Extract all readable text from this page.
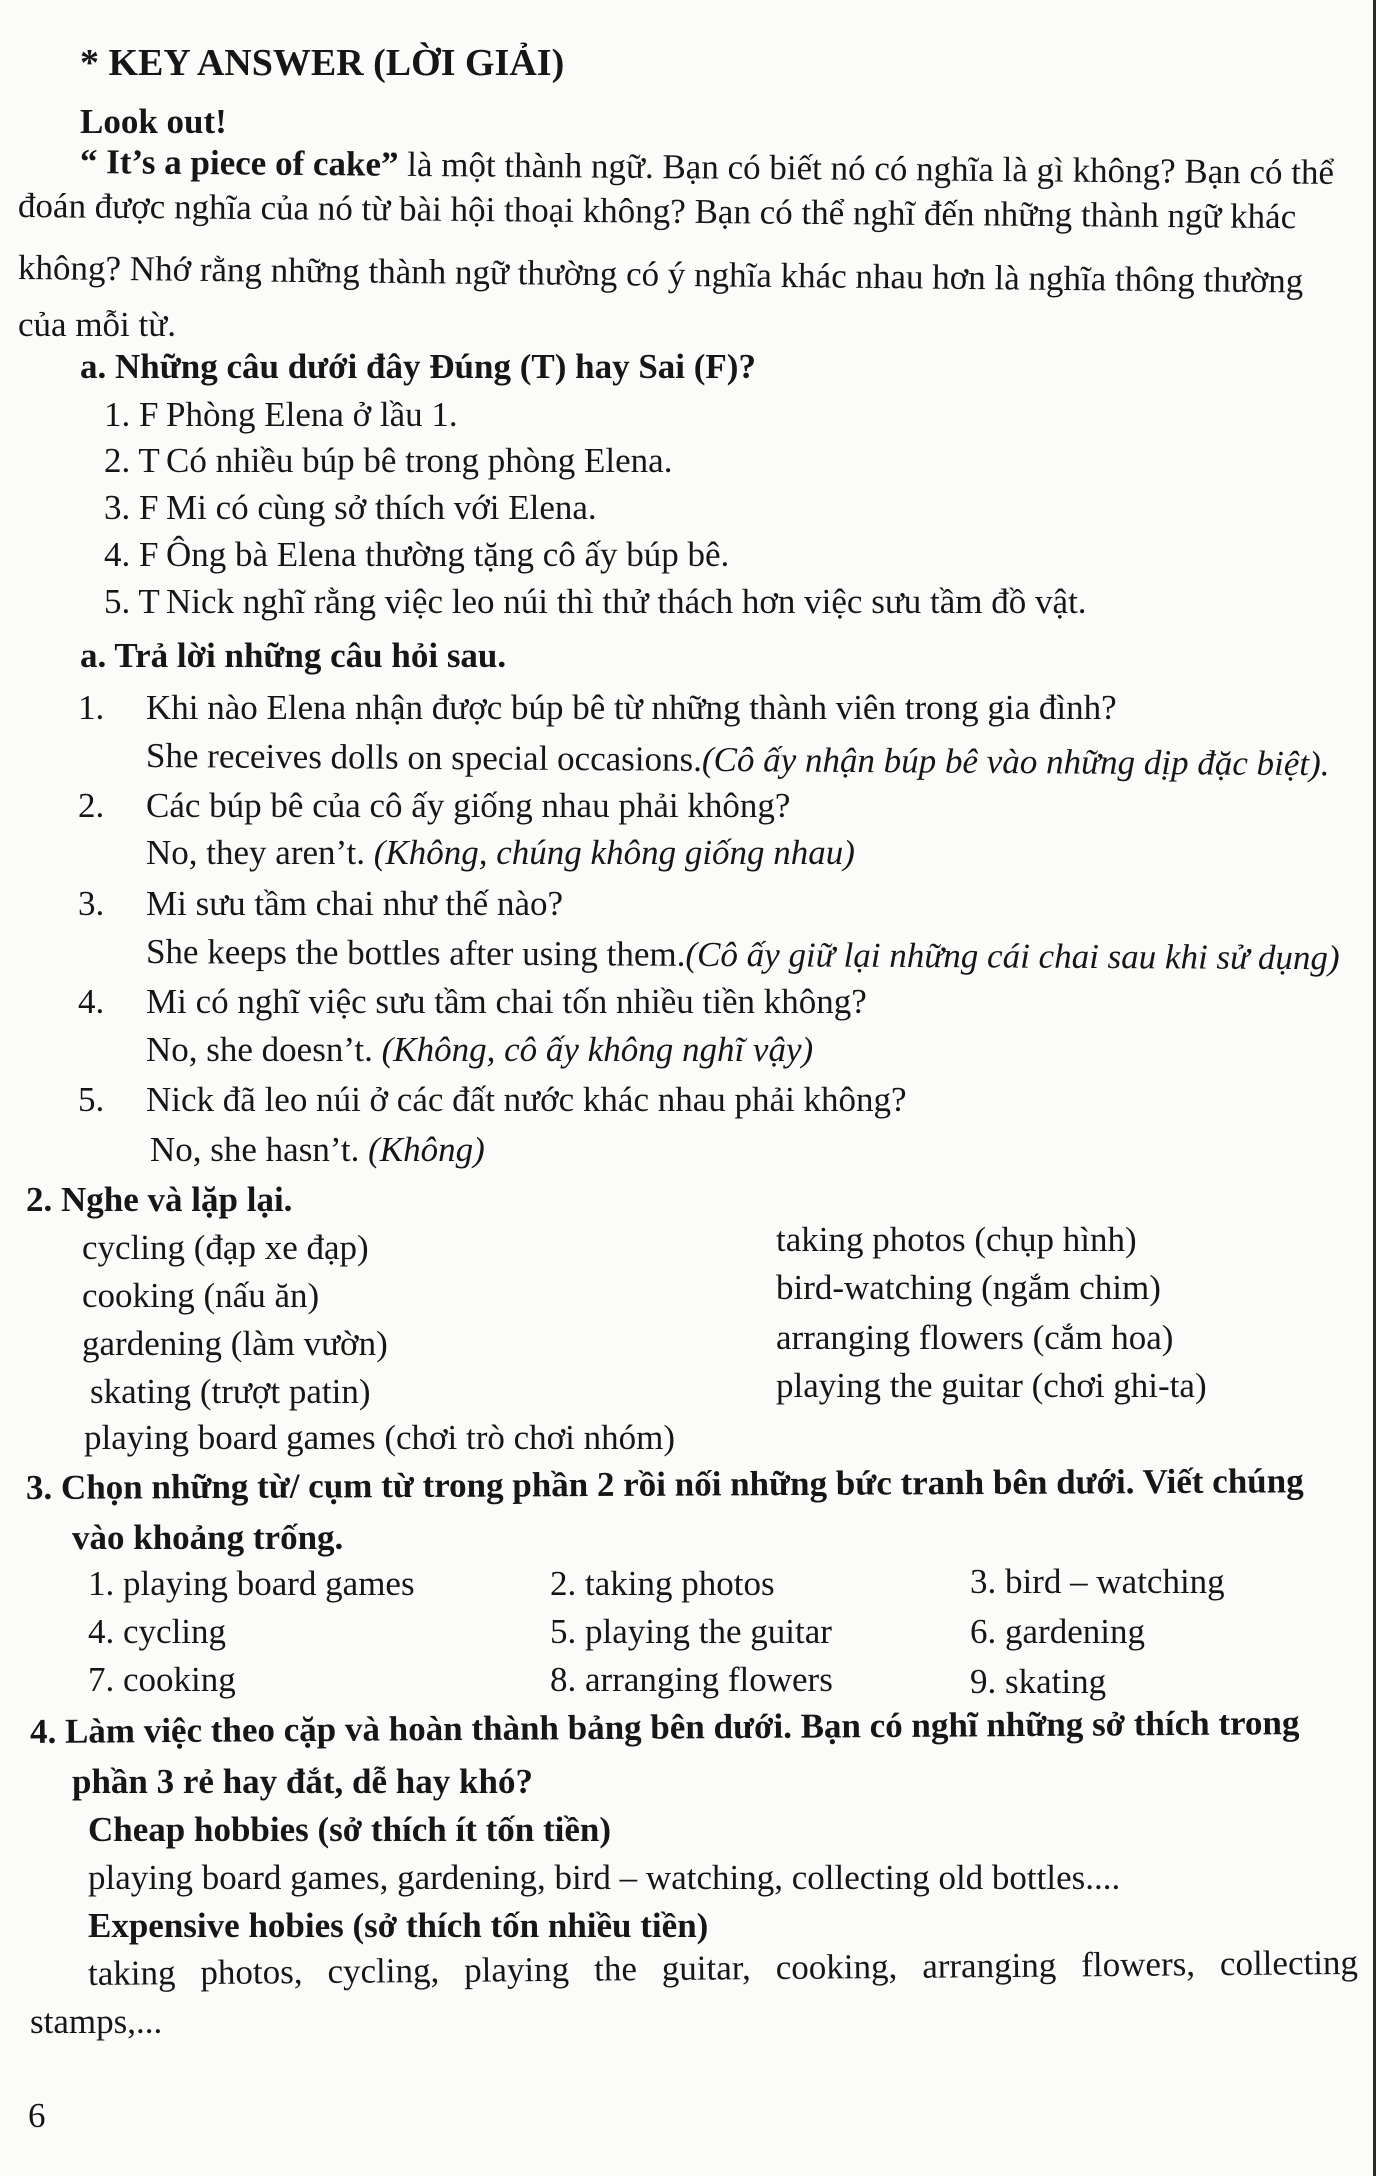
* KEY ANSWER (LỜI GIẢI)
Look out!
“ It’s a piece of cake” là một thành ngữ. Bạn có biết nó có nghĩa là gì không? Bạn có thể
đoán được nghĩa của nó từ bài hội thoại không? Bạn có thể nghĩ đến những thành ngữ khác
không? Nhớ rằng những thành ngữ thường có ý nghĩa khác nhau hơn là nghĩa thông thường
của mỗi từ.
a. Những câu dưới đây Đúng (T) hay Sai (F)?
1. F Phòng Elena ở lầu 1.
2. T Có nhiều búp bê trong phòng Elena.
3. F Mi có cùng sở thích với Elena.
4. F Ông bà Elena thường tặng cô ấy búp bê.
5. T Nick nghĩ rằng việc leo núi thì thử thách hơn việc sưu tầm đồ vật.
a. Trả lời những câu hỏi sau.
1. Khi nào Elena nhận được búp bê từ những thành viên trong gia đình?
She receives dolls on special occasions.(Cô ấy nhận búp bê vào những dịp đặc biệt).
2. Các búp bê của cô ấy giống nhau phải không?
No, they aren’t. (Không, chúng không giống nhau)
3. Mi sưu tầm chai như thế nào?
She keeps the bottles after using them.(Cô ấy giữ lại những cái chai sau khi sử dụng)
4. Mi có nghĩ việc sưu tầm chai tốn nhiều tiền không?
No, she doesn’t. (Không, cô ấy không nghĩ vậy)
5. Nick đã leo núi ở các đất nước khác nhau phải không?
No, she hasn’t. (Không)
2. Nghe và lặp lại.
cycling (đạp xe đạp)
cooking (nấu ăn)
gardening (làm vườn)
skating (trượt patin)
taking photos (chụp hình)
bird-watching (ngắm chim)
arranging flowers (cắm hoa)
playing the guitar (chơi ghi-ta)
playing board games (chơi trò chơi nhóm)
3. Chọn những từ/ cụm từ trong phần 2 rồi nối những bức tranh bên dưới. Viết chúng
vào khoảng trống.
1. playing board games	2. taking photos	3. bird – watching
4. cycling	5. playing the guitar	6. gardening
7. cooking	8. arranging flowers	9. skating
4. Làm việc theo cặp và hoàn thành bảng bên dưới. Bạn có nghĩ những sở thích trong
phần 3 rẻ hay đắt, dễ hay khó?
Cheap hobbies (sở thích ít tốn tiền)
playing board games, gardening, bird – watching, collecting old bottles....
Expensive hobies (sở thích tốn nhiều tiền)
taking photos, cycling, playing the guitar, cooking, arranging flowers, collecting
stamps,...
6
